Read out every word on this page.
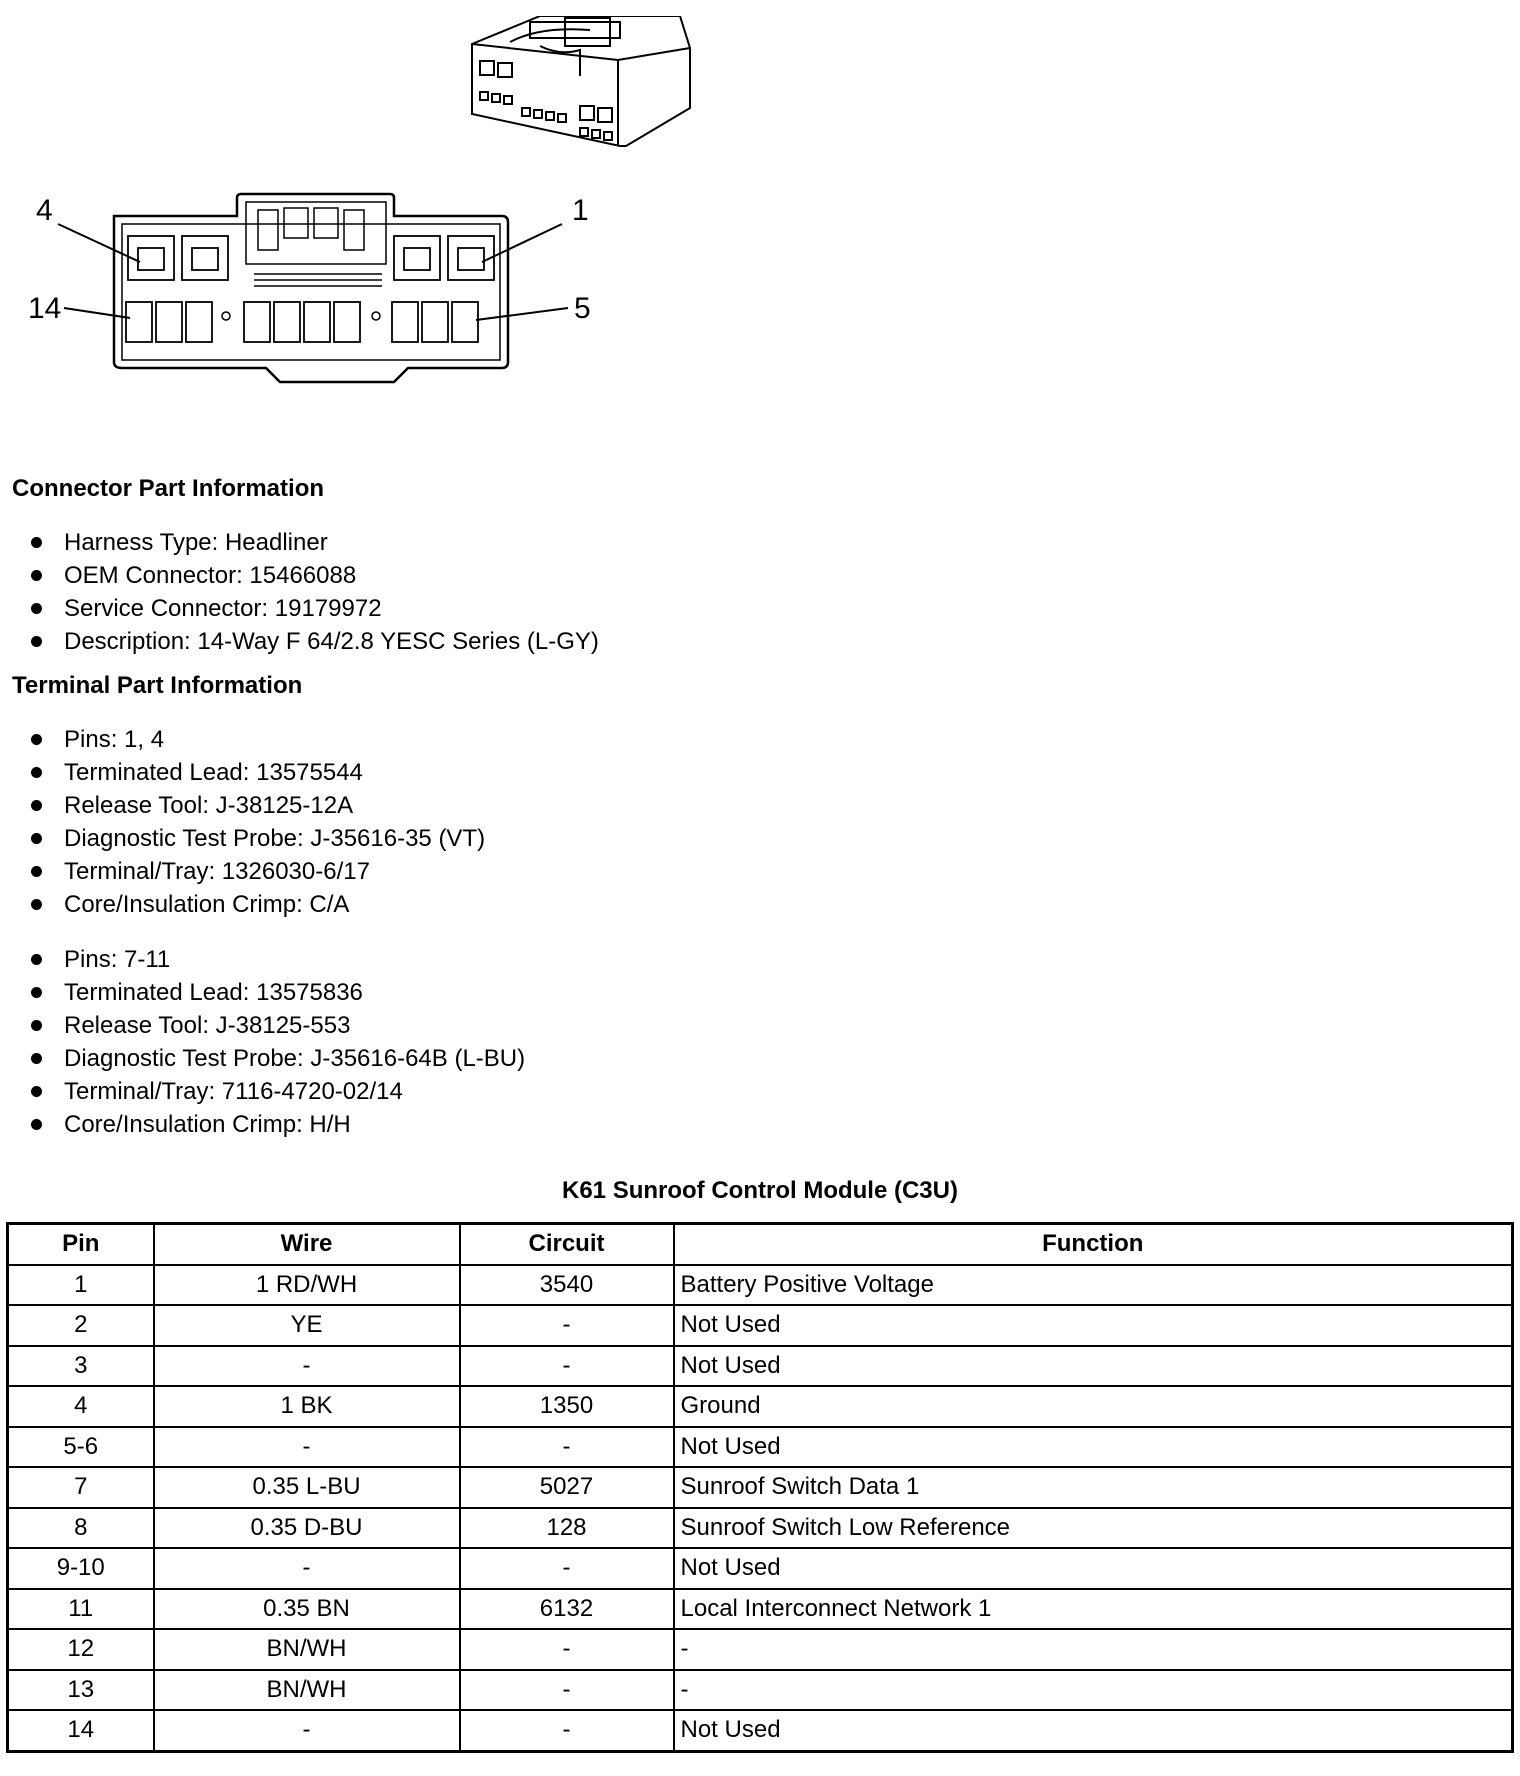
4	1
14	5
Connector Part Information
Harness Type: Headliner
OEM Connector: 15466088
Service Connector: 19179972
Description: 14-Way F 64/2.8 YESC Series (L-GY)
Terminal Part Information
Pins: 1, 4
Terminated Lead: 13575544
Release Tool: J-38125-12A
Diagnostic Test Probe: J-35616-35 (VT)
Terminal/Tray: 1326030-6/17
Core/Insulation Crimp: C/A
Pins: 7-11
Terminated Lead: 13575836
Release Tool: J-38125-553
Diagnostic Test Probe: J-35616-64B (L-BU)
Terminal/Tray: 7116-4720-02/14
Core/Insulation Crimp: H/H

K61 Sunroof Control Module (C3U)

Pin	Wire	Circuit	Function
1	1 RD/WH	3540	Battery Positive Voltage
2	YE	-	Not Used
3	-	-	Not Used
4	1 BK	1350	Ground
5-6	-	-	Not Used
7	0.35 L-BU	5027	Sunroof Switch Data 1
8	0.35 D-BU	128	Sunroof Switch Low Reference
9-10	-	-	Not Used
11	0.35 BN	6132	Local Interconnect Network 1
12	BN/WH	-	-
13	BN/WH	-	-
14	-	-	Not Used
